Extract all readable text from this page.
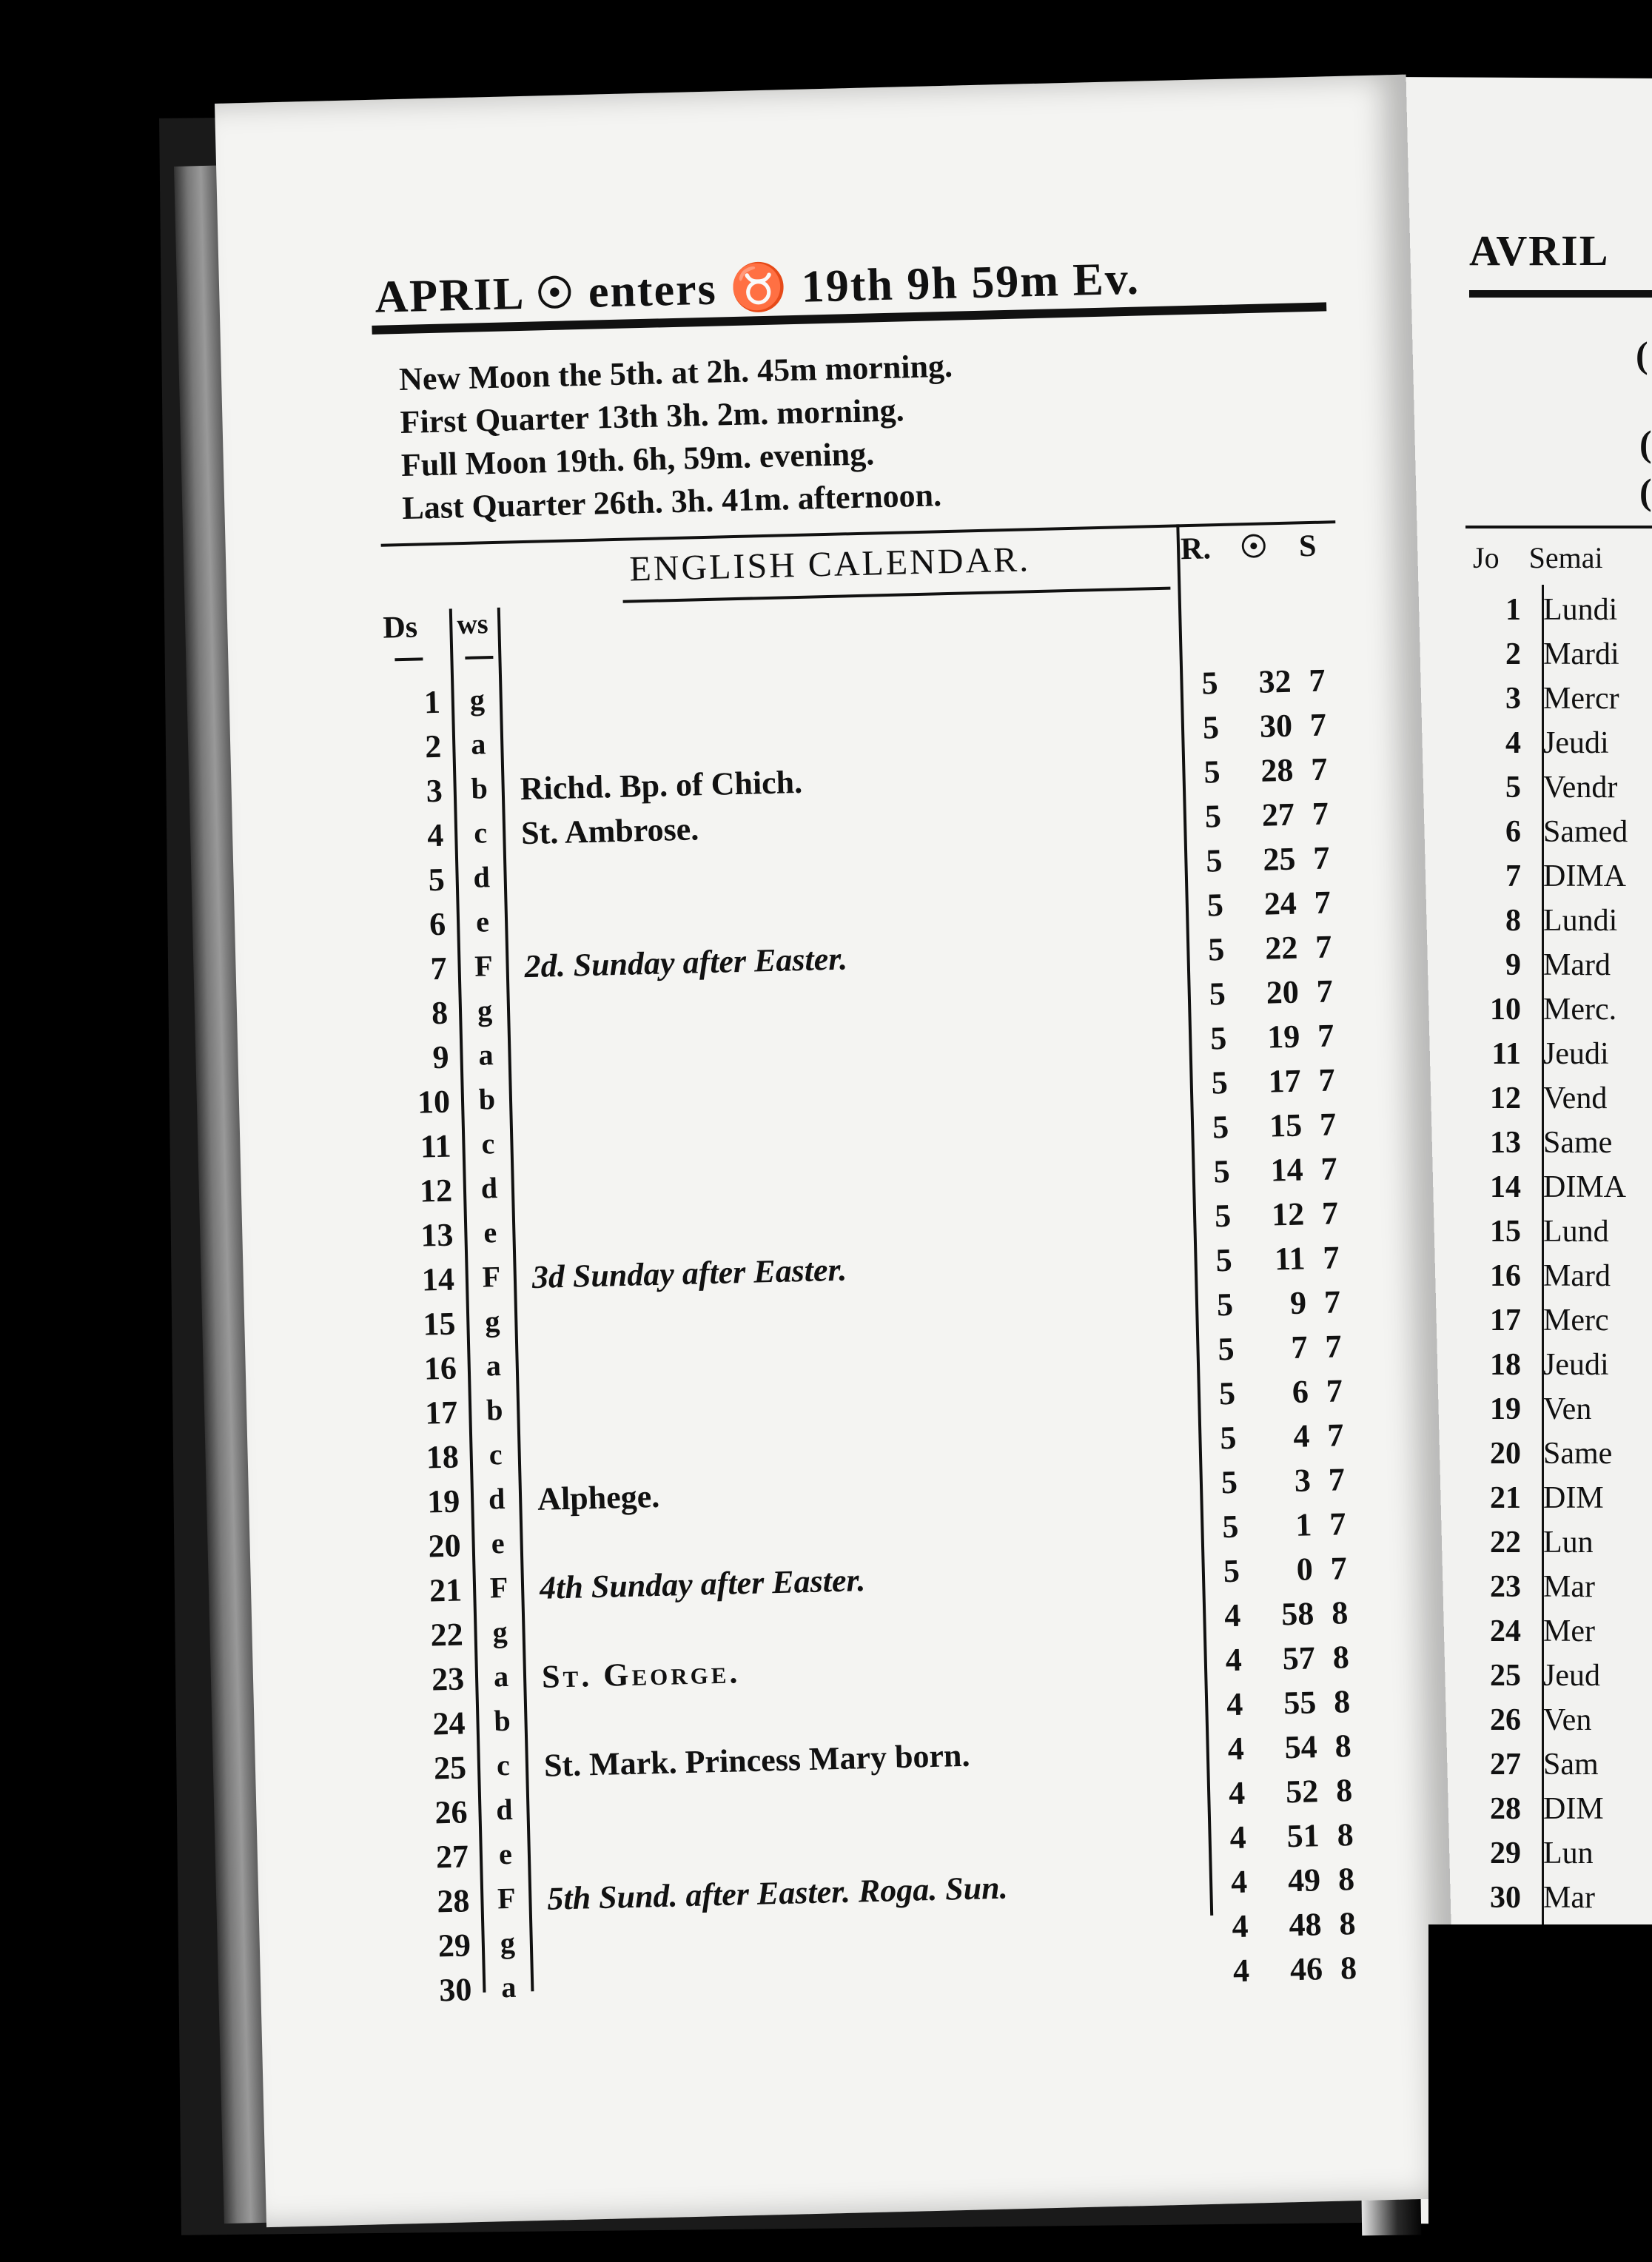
APRIL ☉ enters ♉ 19th 9h 59m Ev.
New Moon the 5th. at 2h. 45m morning.
First Quarter 13th 3h. 2m. morning.
Full Moon 19th. 6h, 59m. evening.
Last Quarter 26th. 3h. 41m. afternoon.
Ds ws
ENGLISH CALENDAR.	R. ☉ S
1 g	5	32 7
2 a	5	30 7
3 b Richd. Bp. of Chich.	5	28 7
4 c St. Ambrose.	5	27 7
5 d	5	25 7
6 e	5	24 7
7 F 2d. Sunday after Easter.	5	22 7
8 g	5	20 7
9 a	5	19 7
10 b	5	17 7
11 c	5	15 7
12 d	5	14 7
13 e	5	12 7
14 F 3d Sunday after Easter.	5	11 7
15 g	5	9 7
16 a	5	7 7
17 b	5	6 7
18 c	5	4 7
19 d Alphege.	5	3 7
20 e	5	1 7
21 F 4th Sunday after Easter.	5	0 7
22 g	4	58 8
23 a St. George.	4	57 8
24 b	4	55 8
25 c St. Mark. Princess Mary born.	4	54 8
26 d	4	52 8
27 e	4	51 8
28 F 5th Sund. after Easter. Roga. Sun.	4	49 8
29 g	4	48 8
30 a	4	46 8
AVRIL
(
(
(
Jo Semai
1 Lundi
2 Mardi
3 Mercr
4 Jeudi
5 Vendr
6 Samed
7 DIMA
8 Lundi
9 Mard
10 Merc.
11 Jeudi
12 Vend
13 Same
14 DIMA
15 Lund
16 Mard
17 Merc
18 Jeudi
19 Ven
20 Same
21 DIM
22 Lun
23 Mar
24 Mer
25 Jeud
26 Ven
27 Sam
28 DIM
29 Lun
30 Mar
